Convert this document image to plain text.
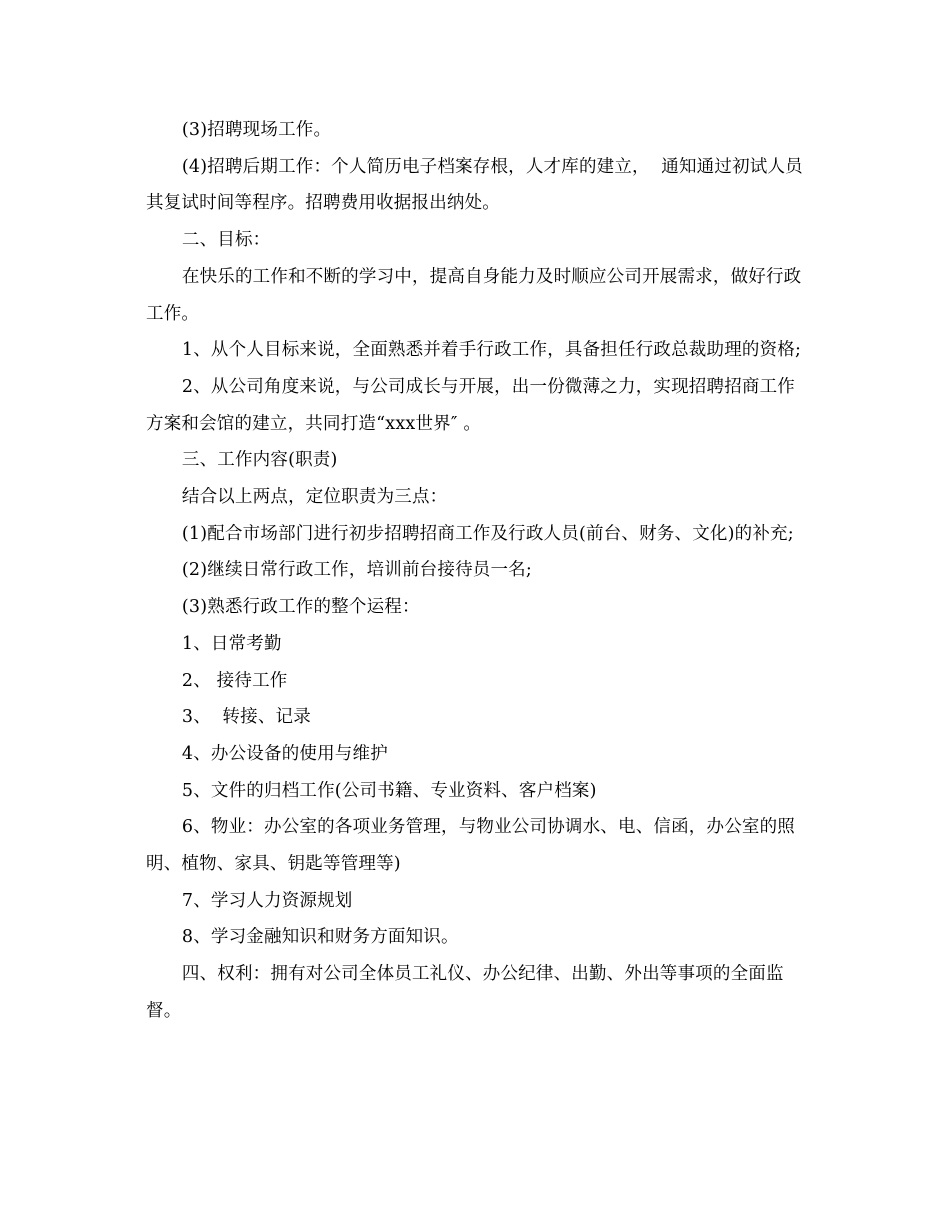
(3)招聘现场工作。

(4)招聘后期工作：个人简历电子档案存根，人才库的建立，  通知通过初试人员其复试时间等程序。招聘费用收据报出纳处。

二、目标：

在快乐的工作和不断的学习中，提高自身能力及时顺应公司开展需求，做好行政工作。

1、从个人目标来说，全面熟悉并着手行政工作，具备担任行政总裁助理的资格;

2、从公司角度来说，与公司成长与开展，出一份微薄之力，实现招聘招商工作方案和会馆的建立，共同打造“xxx世界″ 。

三、工作内容(职责)

结合以上两点，定位职责为三点：

(1)配合市场部门进行初步招聘招商工作及行政人员(前台、财务、文化)的补充;

(2)继续日常行政工作，培训前台接待员一名;

(3)熟悉行政工作的整个运程：

1、日常考勤

2、 接待工作

3、  转接、记录

4、办公设备的使用与维护

5、文件的归档工作(公司书籍、专业资料、客户档案)

6、物业：办公室的各项业务管理，与物业公司协调水、电、信函，办公室的照明、植物、家具、钥匙等管理等)

7、学习人力资源规划

8、学习金融知识和财务方面知识。

四、权利：拥有对公司全体员工礼仪、办公纪律、出勤、外出等事项的全面监督。
